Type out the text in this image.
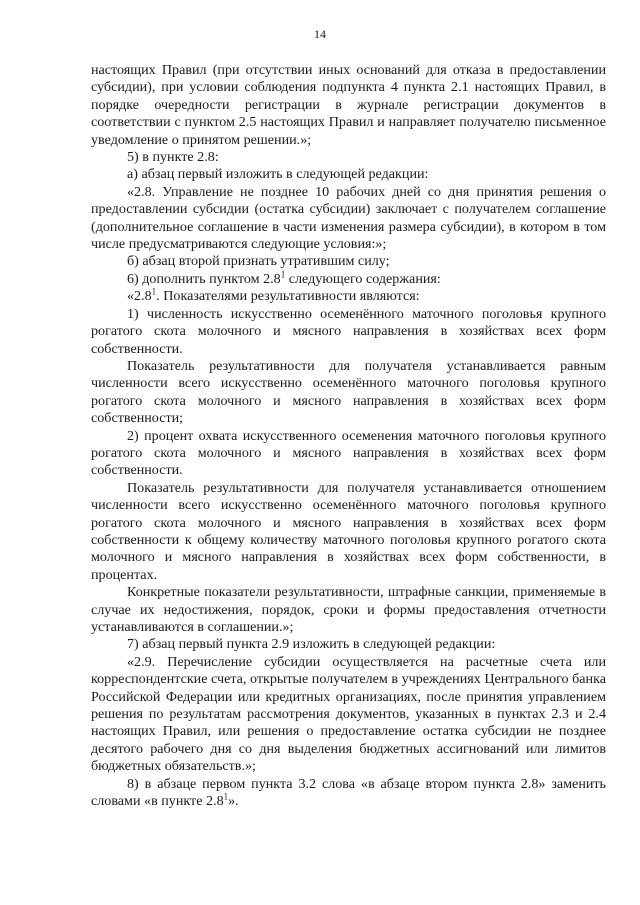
14

настоящих Правил (при отсутствии иных оснований для отказа в предоставлении субсидии), при условии соблюдения подпункта 4 пункта 2.1 настоящих Правил, в порядке очередности регистрации в журнале регистрации документов в соответствии с пунктом 2.5 настоящих Правил и направляет получателю письменное уведомление о принятом решении.»;

5) в пункте 2.8:

а) абзац первый изложить в следующей редакции:

«2.8. Управление не позднее 10 рабочих дней со дня принятия решения о предоставлении субсидии (остатка субсидии) заключает с получателем соглашение (дополнительное соглашение в части изменения размера субсидии), в котором в том числе предусматриваются следующие условия:»;

б) абзац второй признать утратившим силу;

6) дополнить пунктом $2.8^1$ следующего содержания:

«$2.8^1$. Показателями результативности являются:

1) численность искусственно осеменённого маточного поголовья крупного рогатого скота молочного и мясного направления в хозяйствах всех форм собственности.

Показатель результативности для получателя устанавливается равным численности всего искусственно осеменённого маточного поголовья крупного рогатого скота молочного и мясного направления в хозяйствах всех форм собственности;

2) процент охвата искусственного осеменения маточного поголовья крупного рогатого скота молочного и мясного направления в хозяйствах всех форм собственности.

Показатель результативности для получателя устанавливается отношением численности всего искусственно осеменённого маточного поголовья крупного рогатого скота молочного и мясного направления в хозяйствах всех форм собственности к общему количеству маточного поголовья крупного рогатого скота молочного и мясного направления в хозяйствах всех форм собственности, в процентах.

Конкретные показатели результативности, штрафные санкции, применяемые в случае их недостижения, порядок, сроки и формы предоставления отчетности устанавливаются в соглашении.»;

7) абзац первый пункта 2.9 изложить в следующей редакции:

«2.9. Перечисление субсидии осуществляется на расчетные счета или корреспондентские счета, открытые получателем в учреждениях Центрального банка Российской Федерации или кредитных организациях, после принятия управлением решения по результатам рассмотрения документов, указанных в пунктах 2.3 и 2.4 настоящих Правил, или решения о предоставление остатка субсидии не позднее десятого рабочего дня со дня выделения бюджетных ассигнований или лимитов бюджетных обязательств.»;

8) в абзаце первом пункта 3.2 слова «в абзаце втором пункта 2.8» заменить словами «в пункте $2.8^1$».
